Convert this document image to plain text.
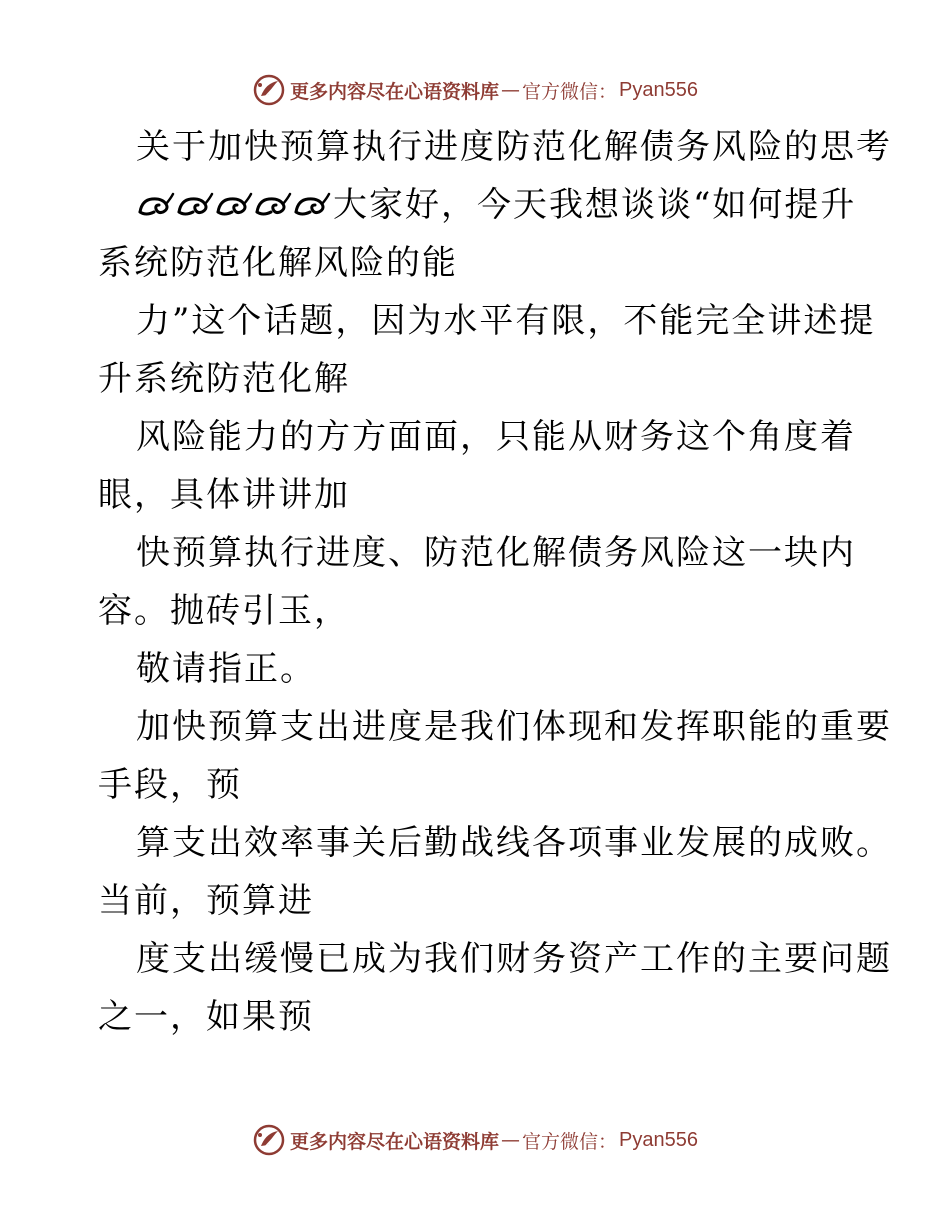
更多内容尽在心语资料库 — 官方微信： Pyan556
关于加快预算执行进度防范化解债务风险的思考
大家好，今天我想谈谈“如何提升
系统防范化解风险的能
力”这个话题，因为水平有限，不能完全讲述提
升系统防范化解
风险能力的方方面面，只能从财务这个角度着
眼，具体讲讲加
快预算执行进度、防范化解债务风险这一块内
容。抛砖引玉，
敬请指正。
加快预算支出进度是我们体现和发挥职能的重要
手段，预
算支出效率事关后勤战线各项事业发展的成败。
当前，预算进
度支出缓慢已成为我们财务资产工作的主要问题
之一，如果预
更多内容尽在心语资料库 — 官方微信： Pyan556
